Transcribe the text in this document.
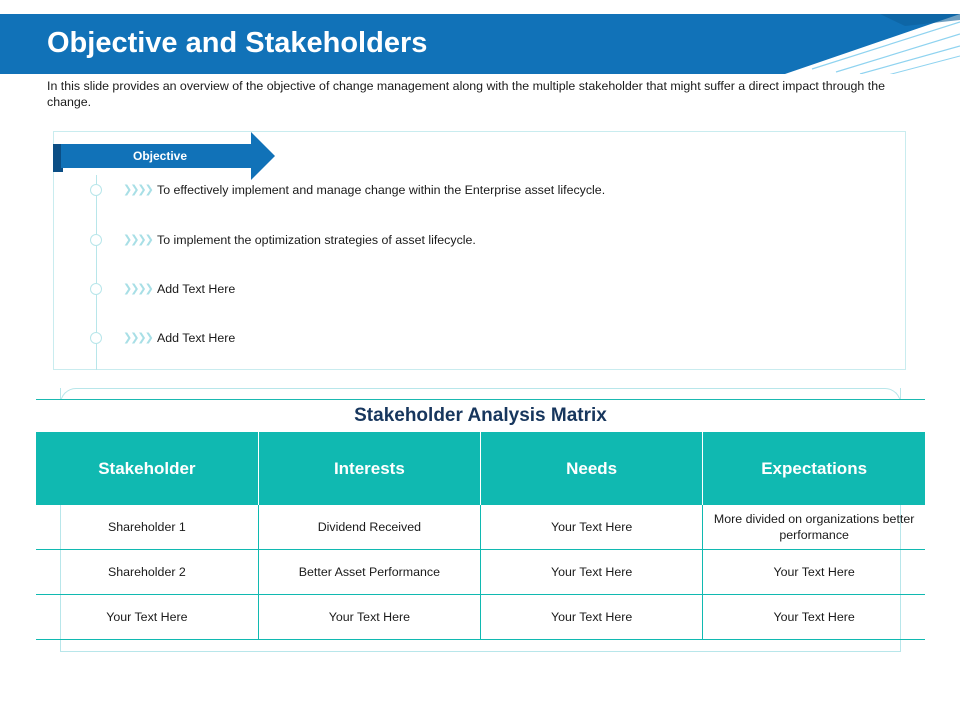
Objective and Stakeholders
In this slide provides an overview of the objective of change management along with the multiple stakeholder that might suffer a direct impact through the change.
Objective
❯❯❯❯ To effectively implement and manage change within the Enterprise asset lifecycle.
❯❯❯❯ To implement the optimization strategies of asset lifecycle.
❯❯❯❯ Add Text Here
❯❯❯❯ Add Text Here
Stakeholder Analysis Matrix
Stakeholder	Interests	Needs	Expectations
Shareholder 1	Dividend Received	Your Text Here	More divided on organizations better performance
Shareholder 2	Better Asset Performance	Your Text Here	Your Text Here
Your Text Here	Your Text Here	Your Text Here	Your Text Here
